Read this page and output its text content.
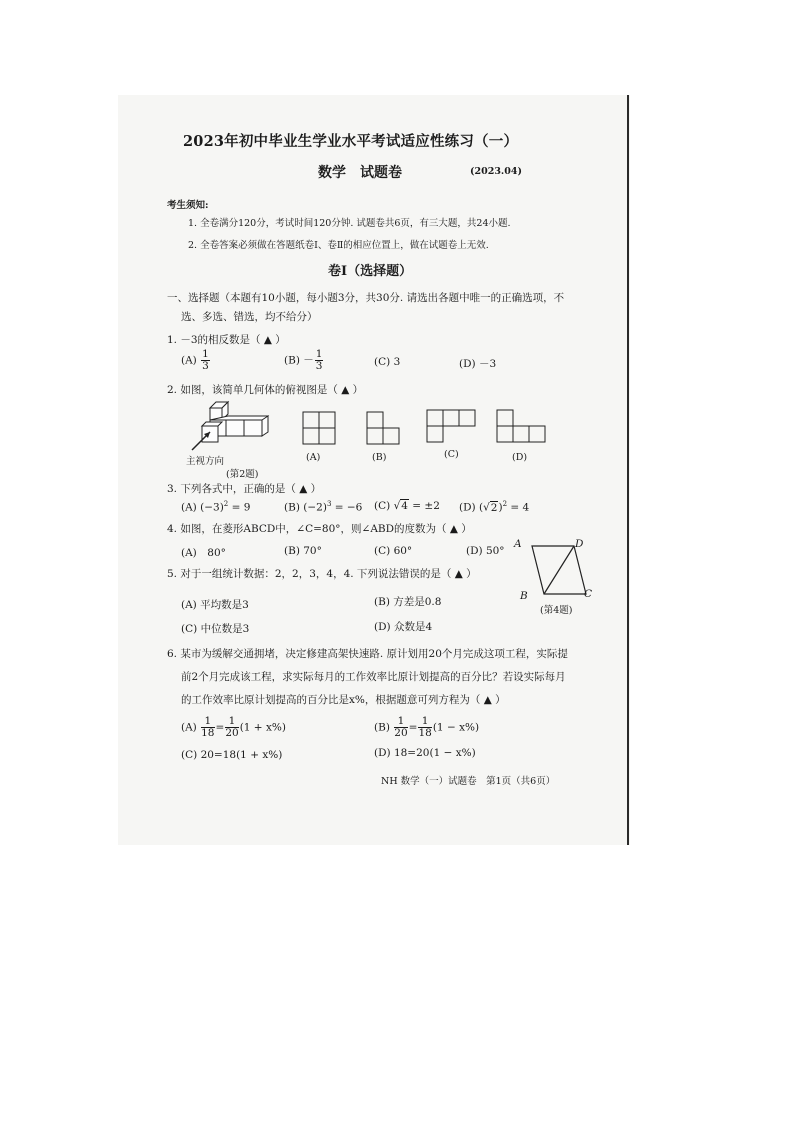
2023年初中毕业生学业水平考试适应性练习（一）
数学　试题卷	(2023.04)
考生须知:
1. 全卷满分120分，考试时间120分钟. 试题卷共6页，有三大题，共24小题.
2. 全卷答案必须做在答题纸卷Ⅰ、卷Ⅱ的相应位置上，做在试题卷上无效.
卷Ⅰ（选择题）
一、选择题（本题有10小题，每小题3分，共30分. 请选出各题中唯一的正确选项，不
选、多选、错选，均不给分）
1. －3的相反数是（ ▲ ）
$(A) \frac{1}{3}$	$(B) - \frac{1}{3}$	(C) 3	(D) －3
2. 如图，该简单几何体的俯视图是（ ▲ ）
主视方向
(第2题)
(A)	(B)	(C)	(D)
3. 下列各式中，正确的是（ ▲ ）
(A) $(-3)^2 = 9$	(B) $(-2)^3 = -6$ (C) √4 = ±2 (D) $(√2)^2 = 4$
4. 如图，在菱形ABCD中，∠C=80°，则∠ABD的度数为（ ▲ ）
(A)　80°	(B) 70°	(C) 60°	(D) 50°
A	D
B	C
(第4题)
5. 对于一组统计数据：2，2，3，4，4. 下列说法错误的是（ ▲ ）
(A) 平均数是3	(B) 方差是0.8
(C) 中位数是3	(D) 众数是4
6. 某市为缓解交通拥堵，决定修建高架快速路. 原计划用20个月完成这项工程，实际提
前2个月完成该工程，求实际每月的工作效率比原计划提高的百分比？若设实际每月
的工作效率比原计划提高的百分比是x%，根据题意可列方程为（ ▲ ）
$(A) \frac{1}{18} = \frac{1}{20} (1 + x\%)$	$(B) \frac{1}{20} = \frac{1}{18} (1 - x\%)$
(C) 20=18(1 + x%)	(D) 18=20(1 − x%)
NH 数学（一）试题卷　第1页（共6页）
